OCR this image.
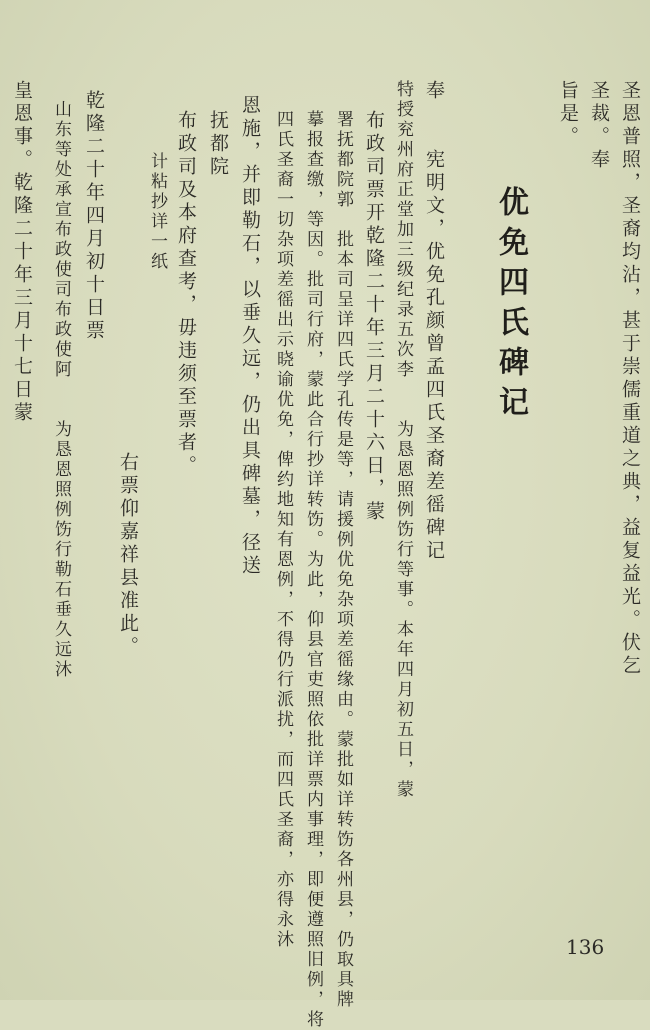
圣恩普照，圣裔均沾，甚于崇儒重道之典，益复益光。伏乞
圣裁。奉
旨是。
优免四氏碑记
奉　　宪明文，优免孔颜曾孟四氏圣裔差徭碑记
特授兖州府正堂加三级纪录五次李　　为恳恩照例饬行等事。本年四月初五日，蒙
布政司票开乾隆二十年三月二十六日，蒙
署抚都院郭　批本司呈详四氏学孔传是等，请援例优免杂项差徭缘由。蒙批如详转饬各州县，仍取具牌
摹报查缴，等因。批司行府，蒙此合行抄详转饬。为此，仰县官吏照依批详票内事理，即便遵照旧例，将
四氏圣裔一切杂项差徭出示晓谕优免，俾约地知有恩例，不得仍行派扰，而四氏圣裔，亦得永沐
恩施，并即勒石，以垂久远，仍出具碑墓，径送
抚都院
布政司及本府查考，毋违须至票者。
计粘抄详一纸
右票仰嘉祥县准此。
乾隆二十年四月初十日票
山东等处承宣布政使司布政使阿　　为恳恩照例饬行勒石垂久远沐
皇恩事。乾隆二十年三月十七日蒙
136
